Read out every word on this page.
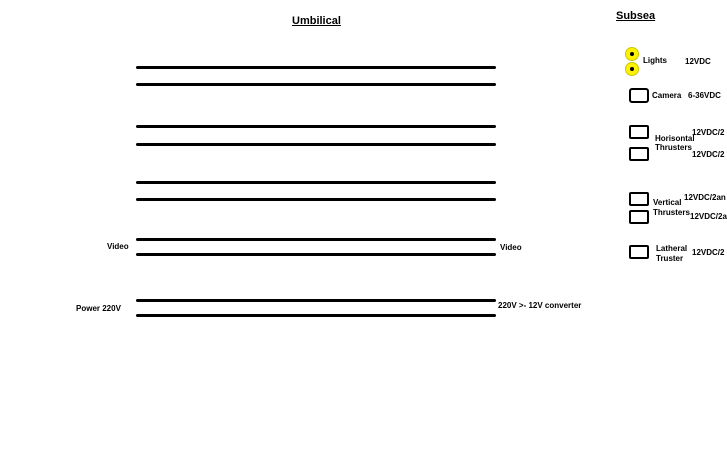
Umbilical
Video	Video
Power 220V	220V >- 12V converter
Subsea
Lights 12VDC
Camera 6-36VDC
Horisontal
Thrusters
12VDC/2
12VDC/2
Vertical
Thrusters
12VDC/2an
12VDC/2a
Latheral
Truster
12VDC/2
